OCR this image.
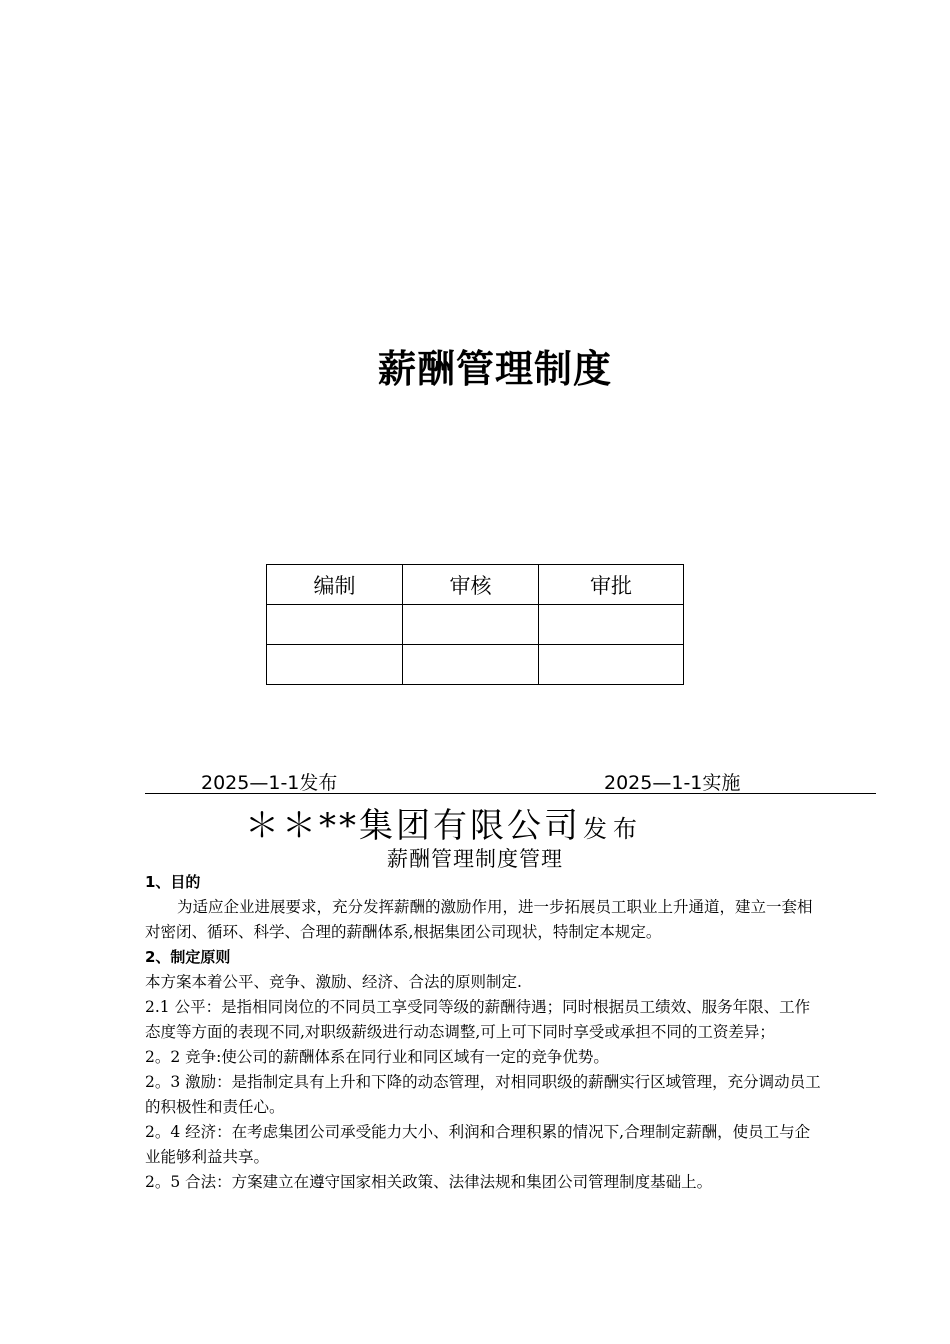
薪酬管理制度
编制	审核	审批

2025—1-1发布	2025—1-1实施
＊＊**集团有限公司发布
薪酬管理制度管理
1、目的

为适应企业进展要求，充分发挥薪酬的激励作用，进一步拓展员工职业上升通道，建立一套相对密闭、循环、科学、合理的薪酬体系,根据集团公司现状，特制定本规定。

2、制定原则

本方案本着公平、竞争、激励、经济、合法的原则制定.

2.1 公平：是指相同岗位的不同员工享受同等级的薪酬待遇；同时根据员工绩效、服务年限、工作态度等方面的表现不同,对职级薪级进行动态调整,可上可下同时享受或承担不同的工资差异；

2。2 竞争:使公司的薪酬体系在同行业和同区域有一定的竞争优势。

2。3 激励：是指制定具有上升和下降的动态管理，对相同职级的薪酬实行区域管理，充分调动员工的积极性和责任心。

2。4 经济：在考虑集团公司承受能力大小、利润和合理积累的情况下,合理制定薪酬，使员工与企业能够利益共享。

2。5 合法：方案建立在遵守国家相关政策、法律法规和集团公司管理制度基础上。
